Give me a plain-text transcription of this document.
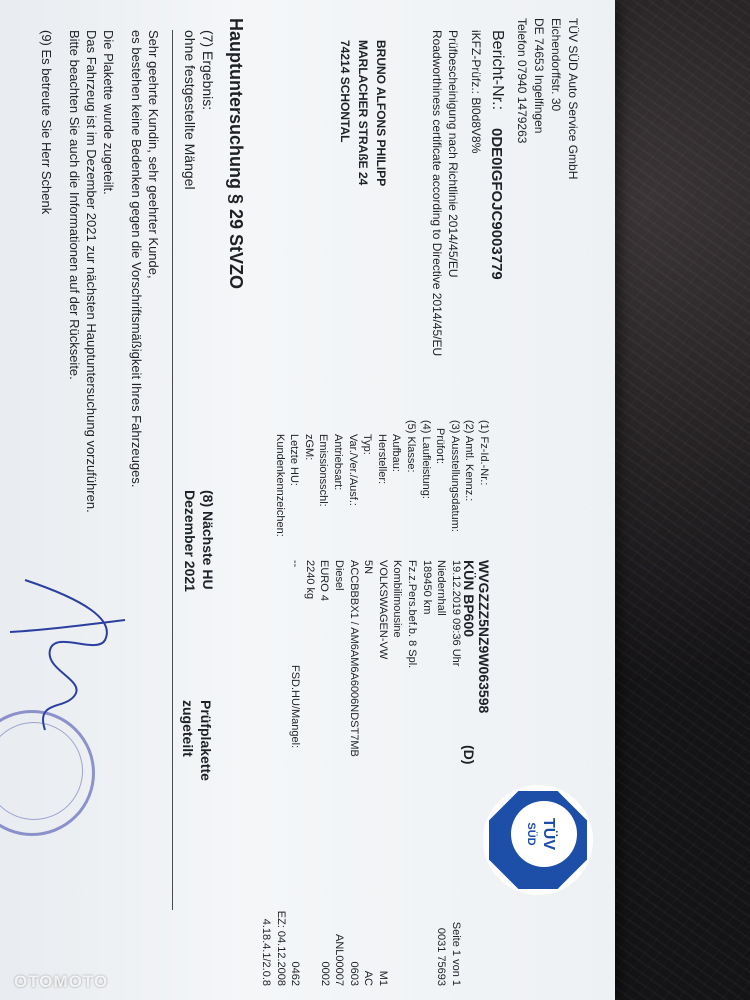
TÜV SÜD Auto Service GmbH
Eichendorffstr. 30
DE 74653 Ingelfingen
Telefon 07940 1479263
Bericht-Nr.:
0DE0IGFOJC9003779
iKFZ-Prüfz.: Bl0d8V8%
Prüfbescheinigung nach Richtlinie 2014/45/EU
Roadworthiness certificate according to Directive 2014/45/EU
BRUNO ALFONS PHILIPP
MARLACHER STRAßE 24
74214 SCHONTAL
(1) Fz-Id.-Nr.:
(2) Amtl. Kennz.:
(3) Ausstellungsdatum:
Prüfort:
(4) Laufleistung:
(5) Klasse:
Aufbau:
Hersteller:
Typ:
Var./Ver./Ausf.:
Antriebsart:
Emissionsschl:
zGM:
Letzte HU:
Kundenkennzeichen:
WVGZZZ5NZ9W063598
KÜN BP600
19.12.2019 09:36 Uhr
Niedernhall
189450 km
Fz.z.Pers.bef.b. 8 Spl.
Kombilimousine
VOLKSWAGEN-VW
5N
ACCBBBX1 / AM6AM6A6006NDST7MB
Diesel
EURO 4
2240 kg
--
(D)
FSD.HU/Mangel:
Seite 1 von 1
0031 75693
M1
AC
0603
ANL00007
0002
0462
EZ: 04.12.2008
4.18.4.1/2.0.8
TÜV
SÜD
Hauptuntersuchung § 29 StVZO
(7) Ergebnis:
ohne festgestellte Mängel
(8) Nächste HU
Dezember 2021
Prüfplakette
zugeteilt
Sehr geehrte Kundin, sehr geehrter Kunde,
es bestehen keine Bedenken gegen die Vorschriftsmäßigkeit Ihres Fahrzeuges.
Die Plakette wurde zugeteilt.
Das Fahrzeug ist im Dezember 2021 zur nächsten Hauptuntersuchung vorzuführen.
Bitte beachten Sie auch die Informationen auf der Rückseite.
(9) Es betreute Sie Herr Schenk
OTOMOTO
